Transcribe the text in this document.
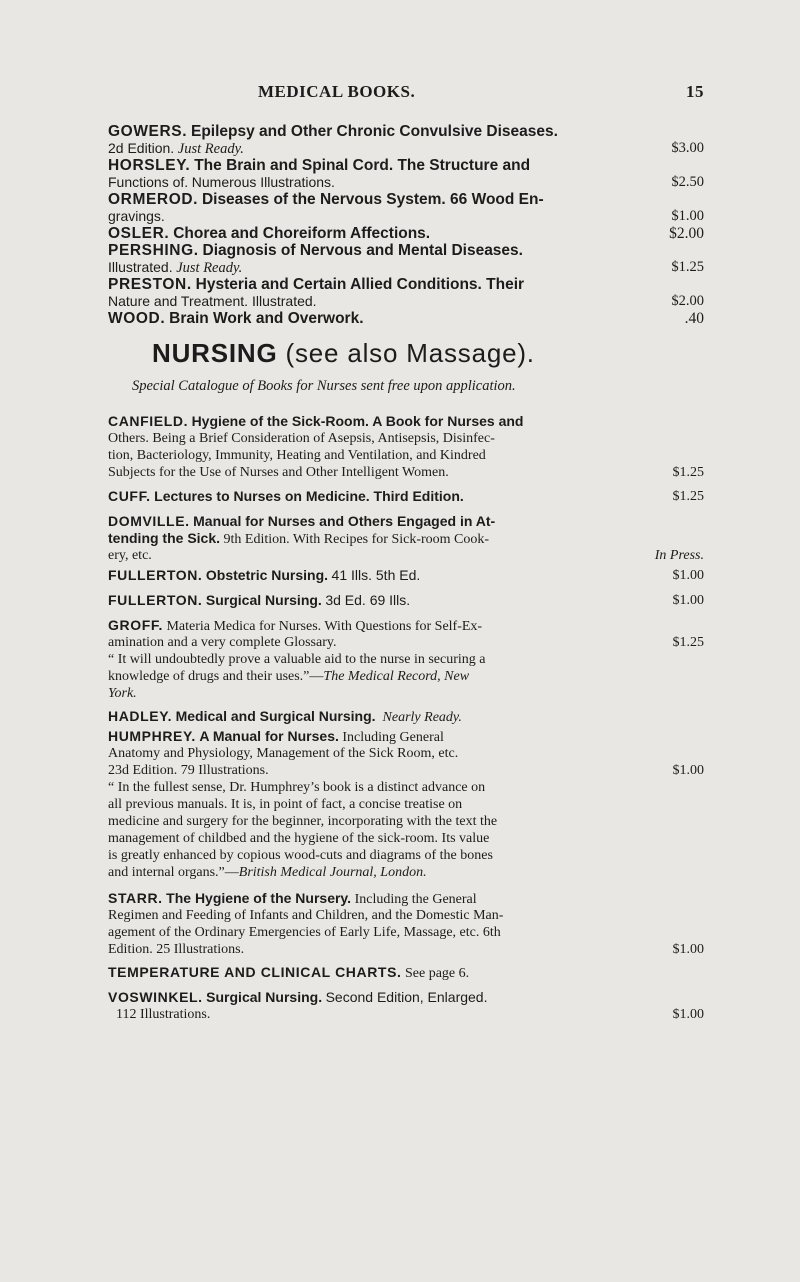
MEDICAL BOOKS.	15
GOWERS. Epilepsy and Other Chronic Convulsive Diseases.
2d Edition. Just Ready.	$3.00
HORSLEY. The Brain and Spinal Cord. The Structure and
Functions of. Numerous Illustrations.	$2.50
ORMEROD. Diseases of the Nervous System. 66 Wood En-
gravings.	$1.00
OSLER. Chorea and Choreiform Affections.	$2.00
PERSHING. Diagnosis of Nervous and Mental Diseases.
Illustrated. Just Ready.	$1.25
PRESTON. Hysteria and Certain Allied Conditions. Their
Nature and Treatment. Illustrated.	$2.00
WOOD. Brain Work and Overwork.	.40
NURSING (see also Massage).
Special Catalogue of Books for Nurses sent free upon application.
CANFIELD. Hygiene of the Sick-Room. A Book for Nurses and
Others. Being a Brief Consideration of Asepsis, Antisepsis, Disinfec-
tion, Bacteriology, Immunity, Heating and Ventilation, and Kindred
Subjects for the Use of Nurses and Other Intelligent Women.	$1.25
CUFF. Lectures to Nurses on Medicine. Third Edition.	$1.25
DOMVILLE. Manual for Nurses and Others Engaged in At-
tending the Sick. 9th Edition. With Recipes for Sick-room Cook-
ery, etc.	In Press.
FULLERTON. Obstetric Nursing. 41 Ills. 5th Ed.	$1.00
FULLERTON. Surgical Nursing. 3d Ed. 69 Ills.	$1.00
GROFF. Materia Medica for Nurses. With Questions for Self-Ex-
amination and a very complete Glossary.	$1.25
“ It will undoubtedly prove a valuable aid to the nurse in securing a
knowledge of drugs and their uses.”—The Medical Record, New
York.
HADLEY. Medical and Surgical Nursing. Nearly Ready.
HUMPHREY. A Manual for Nurses. Including General
Anatomy and Physiology, Management of the Sick Room, etc.
23d Edition. 79 Illustrations.	$1.00
“ In the fullest sense, Dr. Humphrey’s book is a distinct advance on
all previous manuals. It is, in point of fact, a concise treatise on
medicine and surgery for the beginner, incorporating with the text the
management of childbed and the hygiene of the sick-room. Its value
is greatly enhanced by copious wood-cuts and diagrams of the bones
and internal organs.”—British Medical Journal, London.
STARR. The Hygiene of the Nursery. Including the General
Regimen and Feeding of Infants and Children, and the Domestic Man-
agement of the Ordinary Emergencies of Early Life, Massage, etc. 6th
Edition. 25 Illustrations.	$1.00
TEMPERATURE AND CLINICAL CHARTS. See page 6.
VOSWINKEL. Surgical Nursing. Second Edition, Enlarged.
112 Illustrations.	$1.00
